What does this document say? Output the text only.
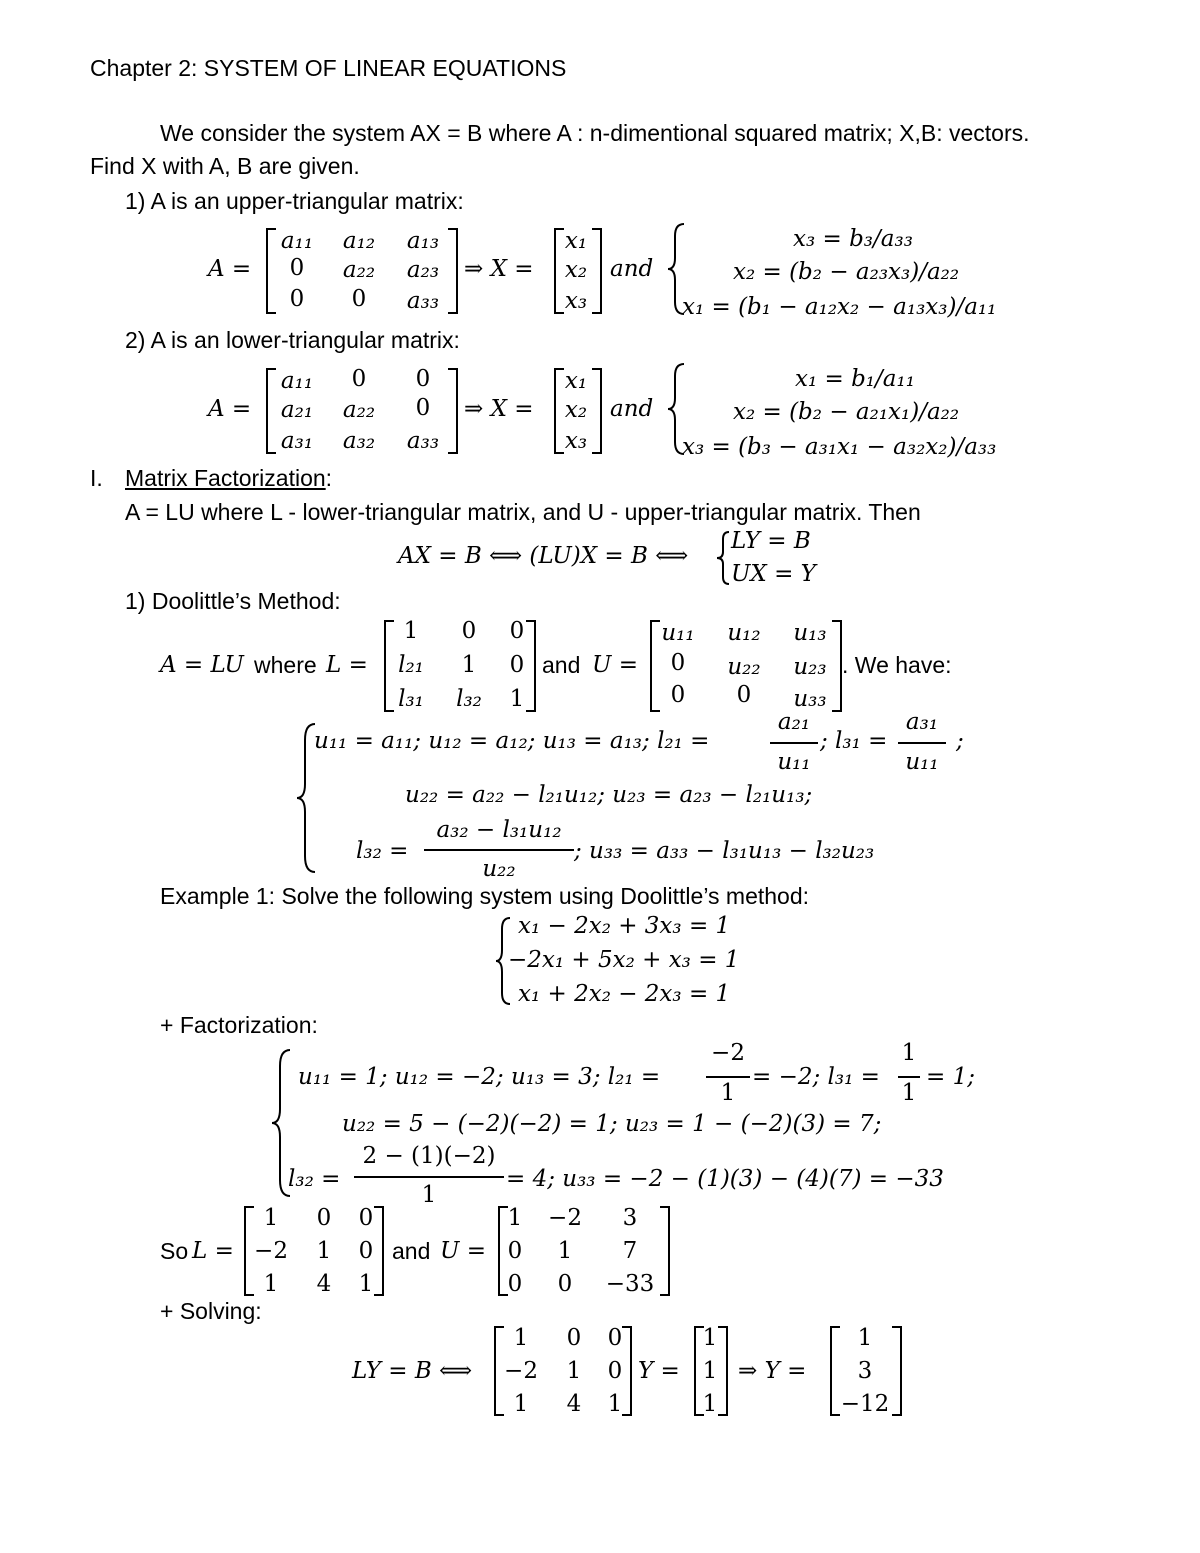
Chapter 2: SYSTEM OF LINEAR EQUATIONS
We consider the system AX = B where A : n-dimentional squared matrix; X,B: vectors.
Find X with A, B are given.
1) A is an upper-triangular matrix:
A =
a₁₁	a₁₂	a₁₃
0	a₂₂	a₂₃
0	0	a₃₃
⇒ X =
x₁
x₂
x₃
and
x₃ = b₃/a₃₃
x₂ = (b₂ − a₂₃x₃)/a₂₂
x₁ = (b₁ − a₁₂x₂ − a₁₃x₃)/a₁₁
2) A is an lower-triangular matrix:
A =
a₁₁	0	0
a₂₁	a₂₂	0
a₃₁	a₃₂	a₃₃
⇒ X =
x₁
x₂
x₃
and
x₁ = b₁/a₁₁
x₂ = (b₂ − a₂₁x₁)/a₂₂
x₃ = (b₃ − a₃₁x₁ − a₃₂x₂)/a₃₃
I. Matrix Factorization:
A = LU where L - lower-triangular matrix, and U - upper-triangular matrix. Then
AX = B ⟺ (LU)X = B ⟺
LY = B
UX = Y
1) Doolittle’s Method:
A = LU where L =
1	0	0
l₂₁	1	0
l₃₁	l₃₂	1
and U =
u₁₁	u₁₂	u₁₃
0	u₂₂	u₂₃
0	0	u₃₃
. We have:
u₁₁ = a₁₁; u₁₂ = a₁₂; u₁₃ = a₁₃; l₂₁ =
a₂₁
u₁₁
; l₃₁ =
a₃₁
u₁₁
;
u₂₂ = a₂₂ − l₂₁u₁₂; u₂₃ = a₂₃ − l₂₁u₁₃;
l₃₂ =
a₃₂ − l₃₁u₁₂
u₂₂
; u₃₃ = a₃₃ − l₃₁u₁₃ − l₃₂u₂₃
Example 1: Solve the following system using Doolittle’s method:
x₁ − 2x₂ + 3x₃ = 1
−2x₁ + 5x₂ + x₃ = 1
x₁ + 2x₂ − 2x₃ = 1
+ Factorization:
u₁₁ = 1; u₁₂ = −2; u₁₃ = 3; l₂₁ =
−2
1
= −2; l₃₁ =
1
1
= 1;
u₂₂ = 5 − (−2)(−2) = 1; u₂₃ = 1 − (−2)(3) = 7;
l₃₂ =
2 − (1)(−2)
1
= 4; u₃₃ = −2 − (1)(3) − (4)(7) = −33
So L =
1	0	0
−2	1	0
1	4	1
and U =
1	−2	3
0	1	7
0	0	−33
+ Solving:
LY = B ⟺
1	0	0
−2	1	0
1	4	1
Y =
1
1
1
⇒ Y =
1
3
−12
